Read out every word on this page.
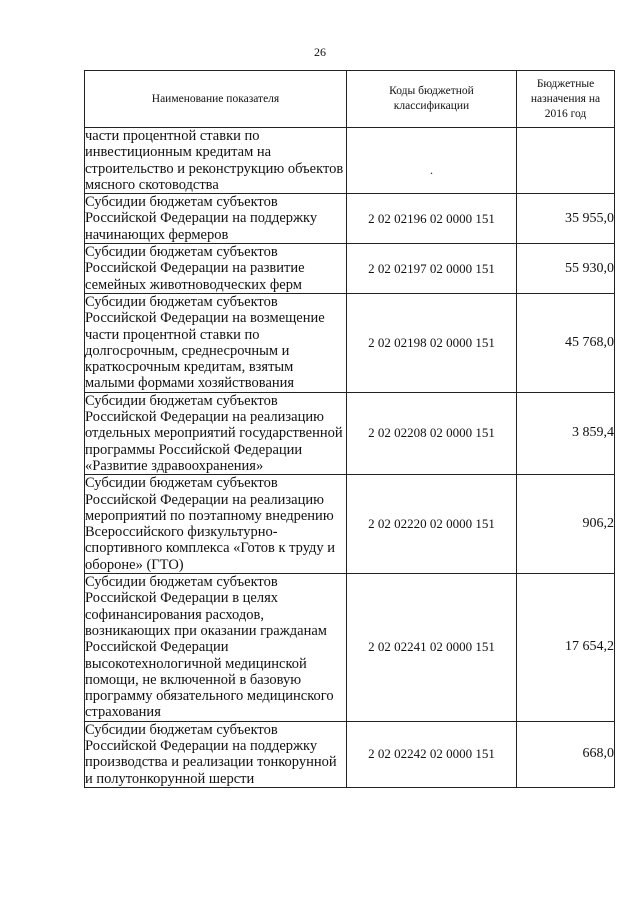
26
Наименование показателя	Коды бюджетной классификации	Бюджетные назначения на 2016 год
части процентной ставки по инвестиционным кредитам на строительство и реконструкцию объектов мясного скотоводства	·	
Субсидии бюджетам субъектов Российской Федерации на поддержку начинающих фермеров	2 02 02196 02 0000 151	35 955,0
Субсидии бюджетам субъектов Российской Федерации на развитие семейных животноводческих ферм	2 02 02197 02 0000 151	55 930,0
Субсидии бюджетам субъектов Российской Федерации на возмещение части процентной ставки по долгосрочным, среднесрочным и краткосрочным кредитам, взятым малыми формами хозяйствования	2 02 02198 02 0000 151	45 768,0
Субсидии бюджетам субъектов Российской Федерации на реализацию отдельных мероприятий государственной программы Российской Федерации «Развитие здравоохранения»	2 02 02208 02 0000 151	3 859,4
Субсидии бюджетам субъектов Российской Федерации на реализацию мероприятий по поэтапному внедрению Всероссийского физкультурно-спортивного комплекса «Готов к труду и обороне» (ГТО)	2 02 02220 02 0000 151	906,2
Субсидии бюджетам субъектов Российской Федерации в целях софинансирования расходов, возникающих при оказании гражданам Российской Федерации высокотехнологичной медицинской помощи, не включенной в базовую программу обязательного медицинского страхования	2 02 02241 02 0000 151	17 654,2
Субсидии бюджетам субъектов Российской Федерации на поддержку производства и реализации тонкорунной и полутонкорунной шерсти	2 02 02242 02 0000 151	668,0
